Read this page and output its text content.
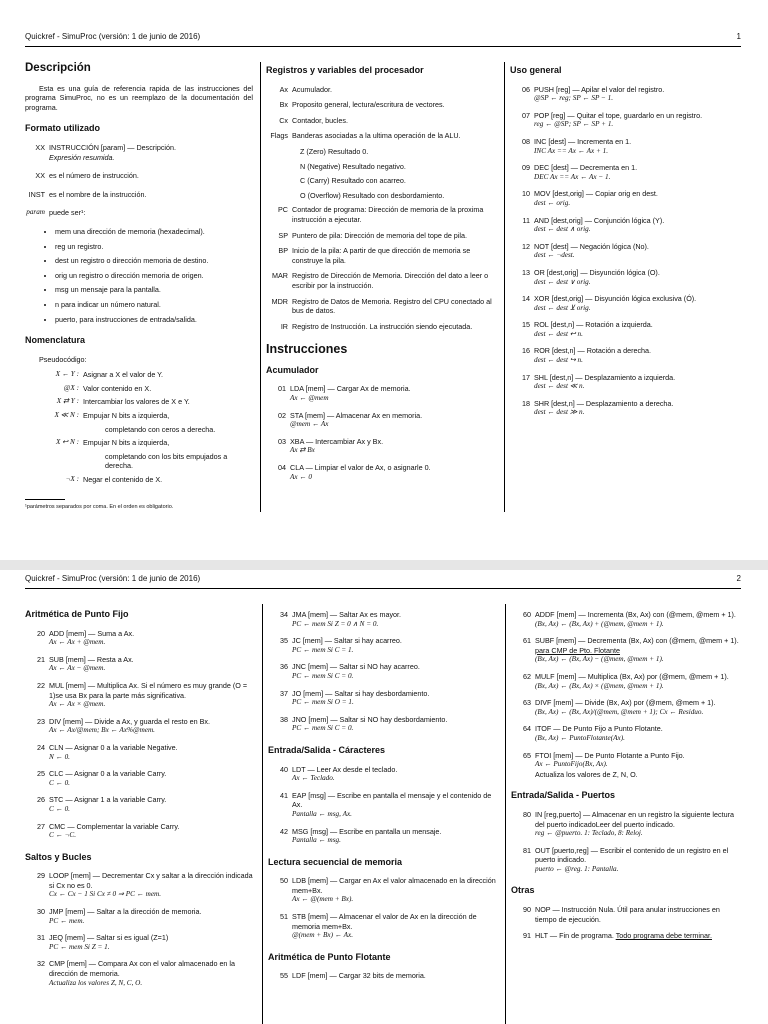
Quickref - SimuProc (versión: 1 de junio de 2016)	1
Descripción
Esta es una guía de referencia rapida de las instrucciones del programa SimuProc, no es un reemplazo de la documentación del programa.
Formato utilizado
XX INSTRUCCIÓN [param] — Descripción.
Expresión resumida.
XX es el número de instrucción.
INST es el nombre de la instrucción.
param puede ser¹:
• mem una dirección de memoria (hexadecimal).
• reg un registro.
• dest un registro o dirección memoria de destino.
• orig un registro o dirección memoria de origen.
• msg un mensaje para la pantalla.
• n para indicar un número natural.
• puerto, para instrucciones de entrada/salida.
Nomenclatura
Pseudocódigo:
X ← Y : Asignar a X el valor de Y.
@X : Valor contenido en X.
X ⇄ Y : Intercambiar los valores de X e Y.
X ≪ N : Empujar N bits a izquierda,
completando con ceros a derecha.
X ↩ N : Empujar N bits a izquierda,
completando con los bits empujados a derecha.
¬X : Negar el contenido de X.
¹parámetros separados por coma. En el orden es obligatorio.
Registros y variables del procesador
Ax Acumulador.
Bx Proposito general, lectura/escritura de vectores.
Cx Contador, bucles.
Flags Banderas asociadas a la ultima operación de la ALU.
Z (Zero) Resultado 0.
N (Negative) Resultado negativo.
C (Carry) Resultado con acarreo.
O (Overflow) Resultado con desbordamiento.
PC Contador de programa: Dirección de memoria de la proxima instrucción a ejecutar.
SP Puntero de pila: Dirección de memoria del tope de pila.
BP Inicio de la pila: A partir de que dirección de memoria se construye la pila.
MAR Registro de Dirección de Memoria. Dirección del dato a leer o escribir por la instrucción.
MDR Registro de Datos de Memoria. Registro del CPU conectado al bus de datos.
IR Registro de Instrucción. La instrucción siendo ejecutada.
Instrucciones
Acumulador
01 LDA [mem] — Cargar Ax de memoria.
Ax ← @mem
02 STA [mem] — Almacenar Ax en memoria.
@mem ← Ax
03 XBA — Intercambiar Ax y Bx.
Ax ⇄ Bx
04 CLA — Limpiar el valor de Ax, o asignarle 0.
Ax ← 0
Uso general
06 PUSH [reg] — Apilar el valor del registro.
@SP ← reg; SP ← SP − 1.
07 POP [reg] — Quitar el tope, guardarlo en un registro.
reg ← @SP; SP ← SP + 1.
08 INC [dest] — Incrementa en 1.
INC Ax == Ax ← Ax + 1.
09 DEC [dest] — Decrementa en 1.
DEC Ax == Ax ← Ax − 1.
10 MOV [dest,orig] — Copiar orig en dest.
dest ← orig.
11 AND [dest,orig] — Conjunción lógica (Y).
dest ← dest ∧ orig.
12 NOT [dest] — Negación lógica (No).
dest ← ¬dest.
13 OR [dest,orig] — Disyunción lógica (O).
dest ← dest ∨ orig.
14 XOR [dest,orig] — Disyunción lógica exclusiva (Ó).
dest ← dest ⊻ orig.
15 ROL [dest,n] — Rotación a izquierda.
dest ← dest ↩ n.
16 ROR [dest,n] — Rotación a derecha.
dest ← dest ↪ n.
17 SHL [dest,n] — Desplazamiento a izquierda.
dest ← dest ≪ n.
18 SHR [dest,n] — Desplazamiento a derecha.
dest ← dest ≫ n.
Quickref - SimuProc (versión: 1 de junio de 2016)	2
Aritmética de Punto Fijo
20 ADD [mem] — Suma a Ax.
Ax ← Ax + @mem.
21 SUB [mem] — Resta a Ax.
Ax ← Ax − @mem.
22 MUL [mem] — Multiplica Ax. Si el número es muy grande (O = 1)se usa Bx para la parte más significativa.
Ax ← Ax × @mem.
23 DIV [mem] — Divide a Ax, y guarda el resto en Bx.
Ax ← Ax/@mem; Bx ← Ax%@mem.
24 CLN — Asignar 0 a la variable Negative.
N ← 0.
25 CLC — Asignar 0 a la variable Carry.
C ← 0.
26 STC — Asignar 1 a la variable Carry.
C ← 0.
27 CMC — Complementar la variable Carry.
C ← ¬C.
Saltos y Bucles
29 LOOP [mem] — Decrementar Cx y saltar a la dirección indicada si Cx no es 0.
Cx ← Cx − 1 Si Cx ≠ 0 ⇒ PC ← mem.
30 JMP [mem] — Saltar a la dirección de memoria.
PC ← mem.
31 JEQ [mem] — Saltar si es igual (Z=1)
PC ← mem Si Z = 1.
32 CMP [mem] — Compara Ax con el valor almacenado en la dirección de memoria.
Actualiza los valores Z, N, C, O.
34 JMA [mem] — Saltar Ax es mayor.
PC ← mem Si Z = 0 ∧ N = 0.
35 JC [mem] — Saltar si hay acarreo.
PC ← mem Si C = 1.
36 JNC [mem] — Saltar si NO hay acarreo.
PC ← mem Si C = 0.
37 JO [mem] — Saltar si hay desbordamiento.
PC ← mem Si O = 1.
38 JNO [mem] — Saltar si NO hay desbordamiento.
PC ← mem Si C = 0.
Entrada/Salida - Cáracteres
40 LDT — Leer Ax desde el teclado.
Ax ← Teclado.
41 EAP [msg] — Escribe en pantalla el mensaje y el contenido de Ax.
Pantalla ← msg, Ax.
42 MSG [msg] — Escribe en pantalla un mensaje.
Pantalla ← msg.
Lectura secuencial de memoria
50 LDB [mem] — Cargar en Ax el valor almacenado en la dirección mem+Bx.
Ax ← @(mem + Bx).
51 STB [mem] — Almacenar el valor de Ax en la dirección de memoria mem+Bx.
@(mem + Bx) ← Ax.
Aritmética de Punto Flotante
55 LDF [mem] — Cargar 32 bits de memoria.
60 ADDF [mem] — Incrementa (Bx, Ax) con (@mem, @mem + 1).
(Bx, Ax) ← (Bx, Ax) + (@mem, @mem + 1).
61 SUBF [mem] — Decrementa (Bx, Ax) con (@mem, @mem + 1). para CMP de Pto. Flotante
(Bx, Ax) ← (Bx, Ax) − (@mem, @mem + 1).
62 MULF [mem] — Multiplica (Bx, Ax) por (@mem, @mem + 1).
(Bx, Ax) ← (Bx, Ax) × (@mem, @mem + 1).
63 DIVF [mem] — Divide (Bx, Ax) por (@mem, @mem + 1).
(Bx, Ax) ← (Bx, Ax)/(@mem, @mem + 1); Cx ← Residuo.
64 ITOF — De Punto Fijo a Punto Flotante.
(Bx, Ax) ← PuntoFlotante(Ax).
65 FTOI [mem] — De Punto Flotante a Punto Fijo.
Ax ← PuntoFijo(Bx, Ax).
Actualiza los valores de Z, N, O.
Entrada/Salida - Puertos
80 IN [reg,puerto] — Almacenar en un registro la siguiente lectura del puerto indicadoLeer del puerto indicado.
reg ← @puerto. 1: Teclado, 8: Reloj.
81 OUT [puerto,reg] — Escribir el contenido de un registro en el puerto indicado.
puerto ← @reg. 1: Pantalla.
Otras
90 NOP — Instrucción Nula. Útil para anular instrucciones en tiempo de ejecución.
91 HLT — Fin de programa. Todo programa debe terminar.
